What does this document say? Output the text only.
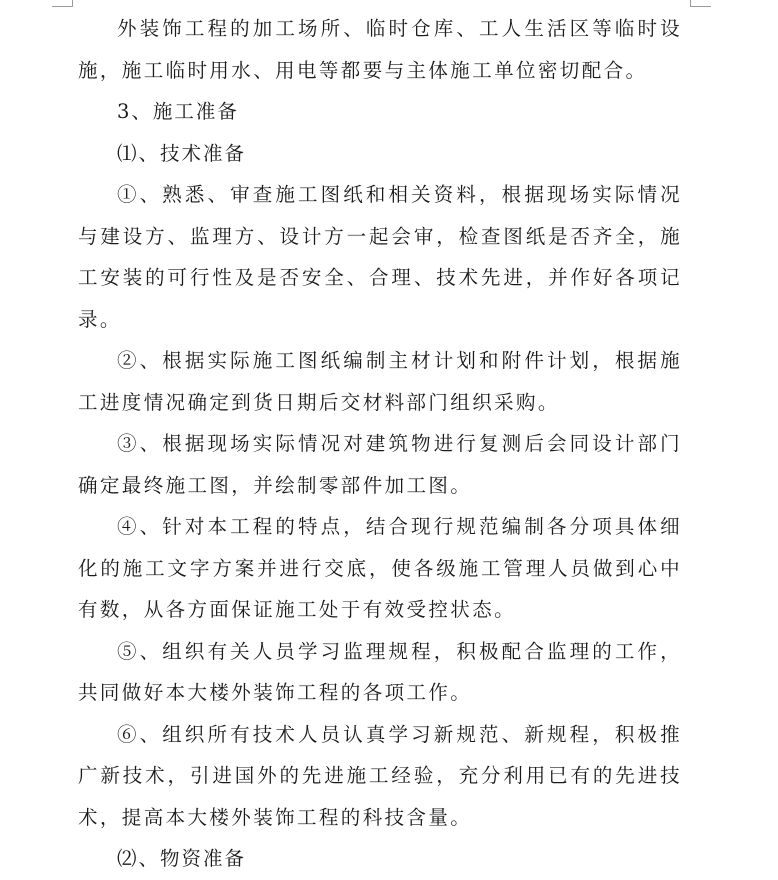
外装饰工程的加工场所、临时仓库、工人生活区等临时设施，施工临时用水、用电等都要与主体施工单位密切配合。

3、施工准备

⑴、技术准备

①、熟悉、审查施工图纸和相关资料，根据现场实际情况与建设方、监理方、设计方一起会审，检查图纸是否齐全，施工安装的可行性及是否安全、合理、技术先进，并作好各项记录。

②、根据实际施工图纸编制主材计划和附件计划，根据施工进度情况确定到货日期后交材料部门组织采购。

③、根据现场实际情况对建筑物进行复测后会同设计部门确定最终施工图，并绘制零部件加工图。

④、针对本工程的特点，结合现行规范编制各分项具体细化的施工文字方案并进行交底，使各级施工管理人员做到心中有数，从各方面保证施工处于有效受控状态。

⑤、组织有关人员学习监理规程，积极配合监理的工作，共同做好本大楼外装饰工程的各项工作。

⑥、组织所有技术人员认真学习新规范、新规程，积极推广新技术，引进国外的先进施工经验，充分利用已有的先进技术，提高本大楼外装饰工程的科技含量。

⑵、物资准备
